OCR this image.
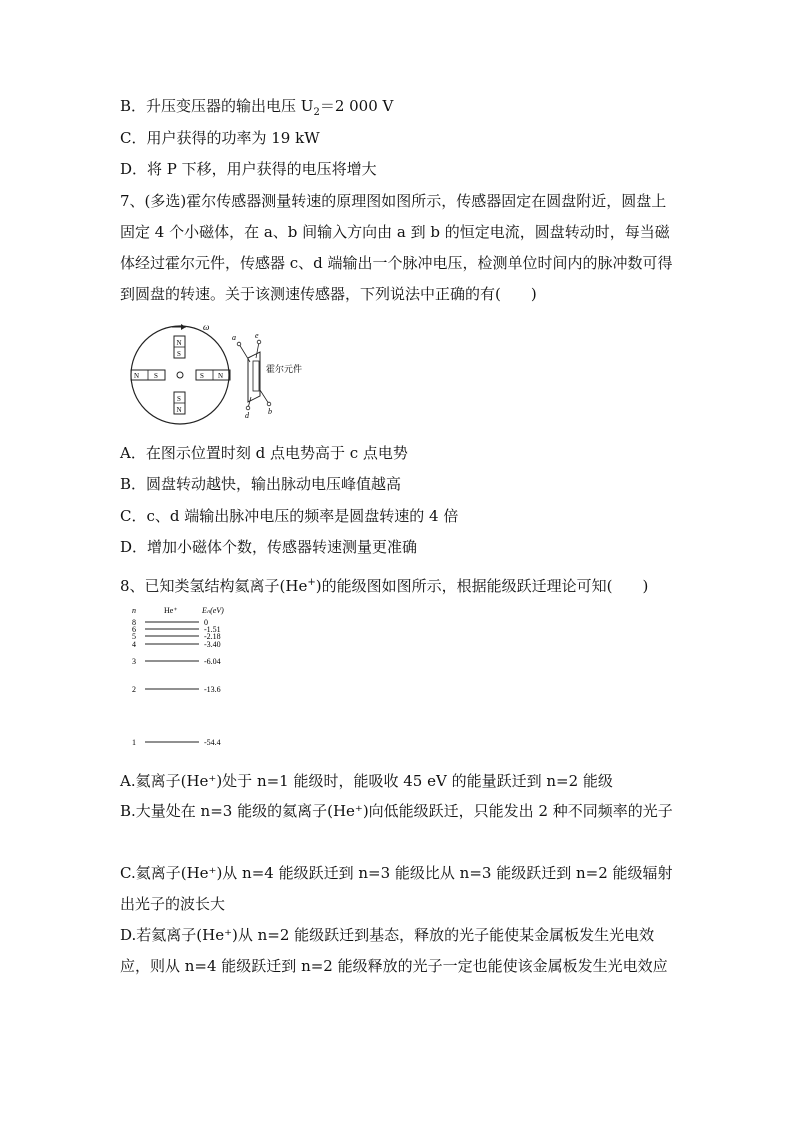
B．升压变压器的输出电压 $U_2=2$ 000 V
C．用户获得的功率为 19 kW
D．将 P 下移，用户获得的电压将增大
7、(多选)霍尔传感器测量转速的原理图如图所示，传感器固定在圆盘附近，圆盘上固定 4 个小磁体，在 a、b 间输入方向由 a 到 b 的恒定电流，圆盘转动时，每当磁体经过霍尔元件，传感器 c、d 端输出一个脉冲电压，检测单位时间内的脉冲数可得到圆盘的转速。关于该测速传感器，下列说法中正确的有(　　)
ω
N
S
S
N
N S	S N
a e
d b
霍尔元件
A．在图示位置时刻 d 点电势高于 c 点电势
B．圆盘转动越快，输出脉动电压峰值越高
C．c、d 端输出脉冲电压的频率是圆盘转速的 4 倍
D．增加小磁体个数，传感器转速测量更准确
8、已知类氢结构氦离子(He+)的能级图如图所示，根据能级跃迁理论可知(　　)
n	He⁺	Eₙ(eV)
8	0
6	-1.51
5	-2.18
4	-3.40
3	-6.04
2	-13.6
1	-54.4
A.氦离子(He⁺)处于 n=1 能级时，能吸收 45 eV 的能量跃迁到 n=2 能级
B.大量处在 n=3 能级的氦离子(He⁺)向低能级跃迁，只能发出 2 种不同频率的光子
C.氦离子(He⁺)从 n=4 能级跃迁到 n=3 能级比从 n=3 能级跃迁到 n=2 能级辐射出光子的波长大
D.若氦离子(He⁺)从 n=2 能级跃迁到基态，释放的光子能使某金属板发生光电效应，则从 n=4 能级跃迁到 n=2 能级释放的光子一定也能使该金属板发生光电效应
